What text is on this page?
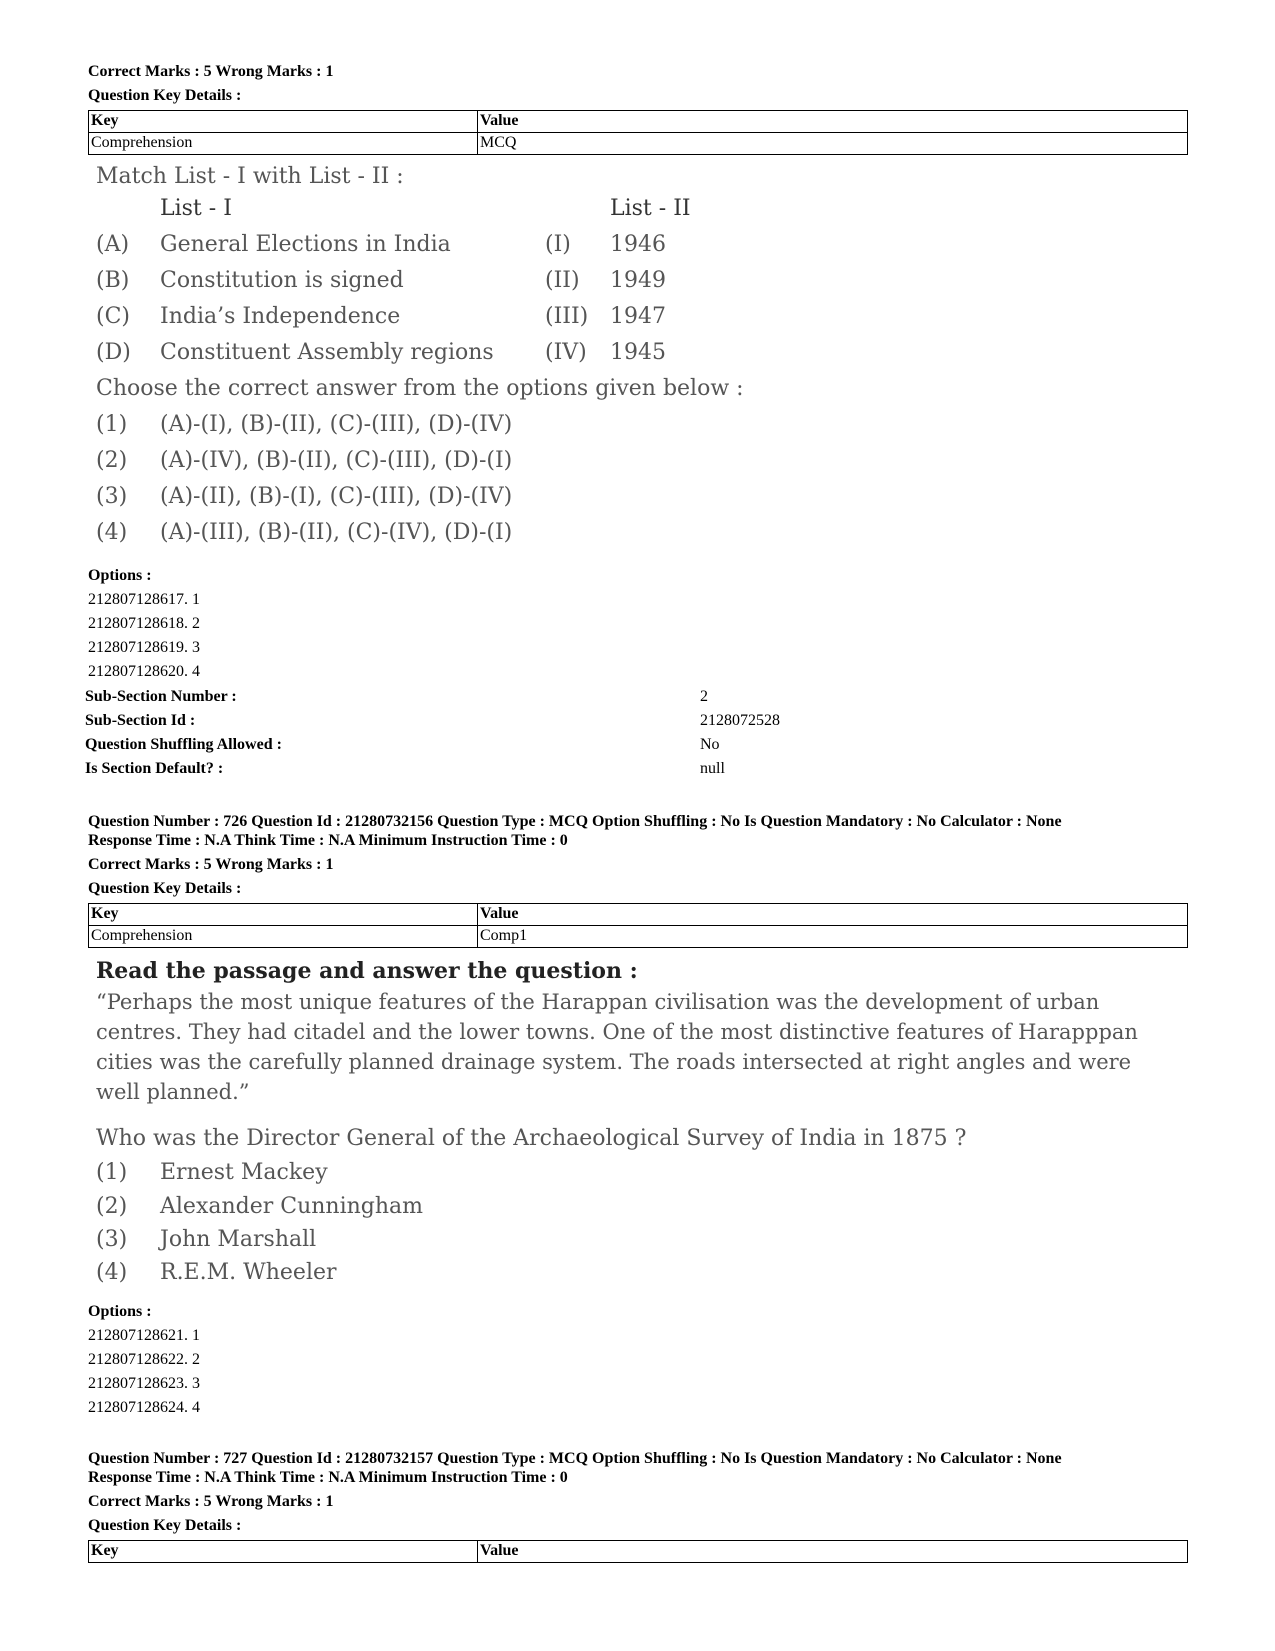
Correct Marks : 5 Wrong Marks : 1
Question Key Details :
Key	Value
Comprehension	MCQ
Match List - I with List - II :
List - I	List - II
(A) General Elections in India	(I) 1946
(B) Constitution is signed	(II) 1949
(C) India’s Independence	(III) 1947
(D) Constituent Assembly regions (IV) 1945
Choose the correct answer from the options given below :
(1) (A)-(I), (B)-(II), (C)-(III), (D)-(IV)
(2) (A)-(IV), (B)-(II), (C)-(III), (D)-(I)
(3) (A)-(II), (B)-(I), (C)-(III), (D)-(IV)
(4) (A)-(III), (B)-(II), (C)-(IV), (D)-(I)
Options :
212807128617. 1
212807128618. 2
212807128619. 3
212807128620. 4
Sub-Section Number :	2
Sub-Section Id :	2128072528
Question Shuffling Allowed :	No
Is Section Default? :	null
Question Number : 726 Question Id : 21280732156 Question Type : MCQ Option Shuffling : No Is Question Mandatory : No Calculator : None
Response Time : N.A Think Time : N.A Minimum Instruction Time : 0
Correct Marks : 5 Wrong Marks : 1
Question Key Details :
Key	Value
Comprehension	Comp1
Read the passage and answer the question :
“Perhaps the most unique features of the Harappan civilisation was the development of urban
centres. They had citadel and the lower towns. One of the most distinctive features of Harapppan
cities was the carefully planned drainage system. The roads intersected at right angles and were
well planned.”
Who was the Director General of the Archaeological Survey of India in 1875 ?
(1) Ernest Mackey
(2) Alexander Cunningham
(3) John Marshall
(4) R.E.M. Wheeler
Options :
212807128621. 1
212807128622. 2
212807128623. 3
212807128624. 4
Question Number : 727 Question Id : 21280732157 Question Type : MCQ Option Shuffling : No Is Question Mandatory : No Calculator : None
Response Time : N.A Think Time : N.A Minimum Instruction Time : 0
Correct Marks : 5 Wrong Marks : 1
Question Key Details :
Key	Value
